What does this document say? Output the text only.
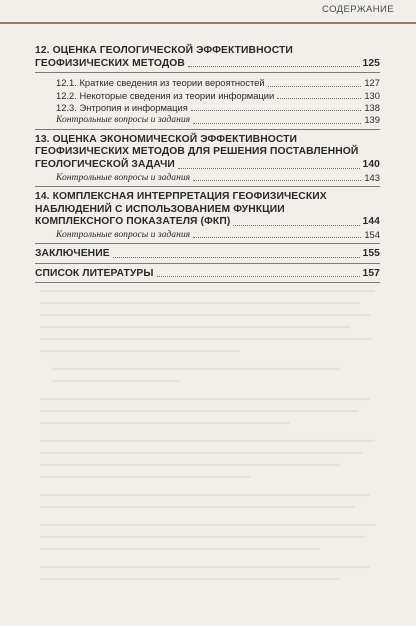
СОДЕРЖАНИЕ
12. ОЦЕНКА ГЕОЛОГИЧЕСКОЙ ЭФФЕКТИВНОСТИ
ГЕОФИЗИЧЕСКИХ МЕТОДОВ	125
12.1. Краткие сведения из теории вероятностей	127
12.2. Некоторые сведения из теории информации	130
12.3. Энтропия и информация	138
Контрольные вопросы и задания	139
13. ОЦЕНКА ЭКОНОМИЧЕСКОЙ ЭФФЕКТИВНОСТИ
ГЕОФИЗИЧЕСКИХ МЕТОДОВ ДЛЯ РЕШЕНИЯ ПОСТАВЛЕННОЙ
ГЕОЛОГИЧЕСКОЙ ЗАДАЧИ	140
Контрольные вопросы и задания	143
14. КОМПЛЕКСНАЯ ИНТЕРПРЕТАЦИЯ ГЕОФИЗИЧЕСКИХ
НАБЛЮДЕНИЙ С ИСПОЛЬЗОВАНИЕМ ФУНКЦИИ
КОМПЛЕКСНОГО ПОКАЗАТЕЛЯ (ФКП)	144
Контрольные вопросы и задания	154
ЗАКЛЮЧЕНИЕ	155
СПИСОК ЛИТЕРАТУРЫ	157
